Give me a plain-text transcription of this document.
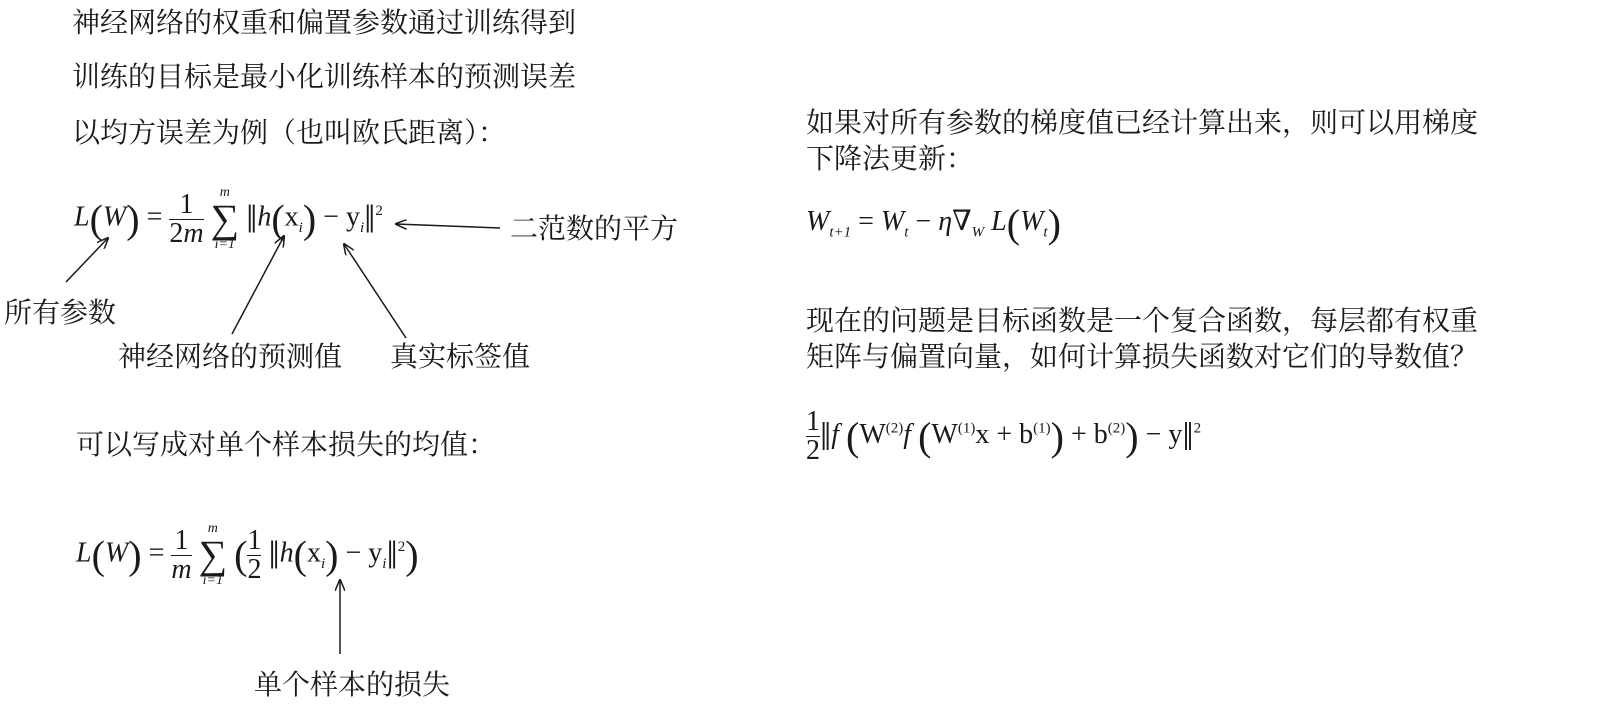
神经网络的权重和偏置参数通过训练得到
训练的目标是最小化训练样本的预测误差
以均方误差为例（也叫欧氏距离）：
$L(W) = \frac{1}{2m}$
	m
∑
i=1
$‖h(x_i)$ − $y_i‖^2$
二范数的平方
所有参数
神经网络的预测值 真实标签值
可以写成对单个样本损失的均值：
$L(W) = \frac{1}{m}$
	m
∑
i=1
( $\frac{1}{2}$ $‖h(x_i)$ − $y_i‖^2$)
单个样本的损失
如果对所有参数的梯度值已经计算出来，则可以用梯度
下降法更新：
$W_{t+1} = W_t - \eta\nabla_W$ $L(W_t)$
现在的问题是目标函数是一个复合函数，每层都有权重
矩阵与偏置向量，如何计算损失函数对它们的导数值？
$\frac{1}{2}$ ‖f ($W^{(2)}f$ $(W^{(1)}x + b^{(1)}) + b^{(2)}$) − y‖$^2$
